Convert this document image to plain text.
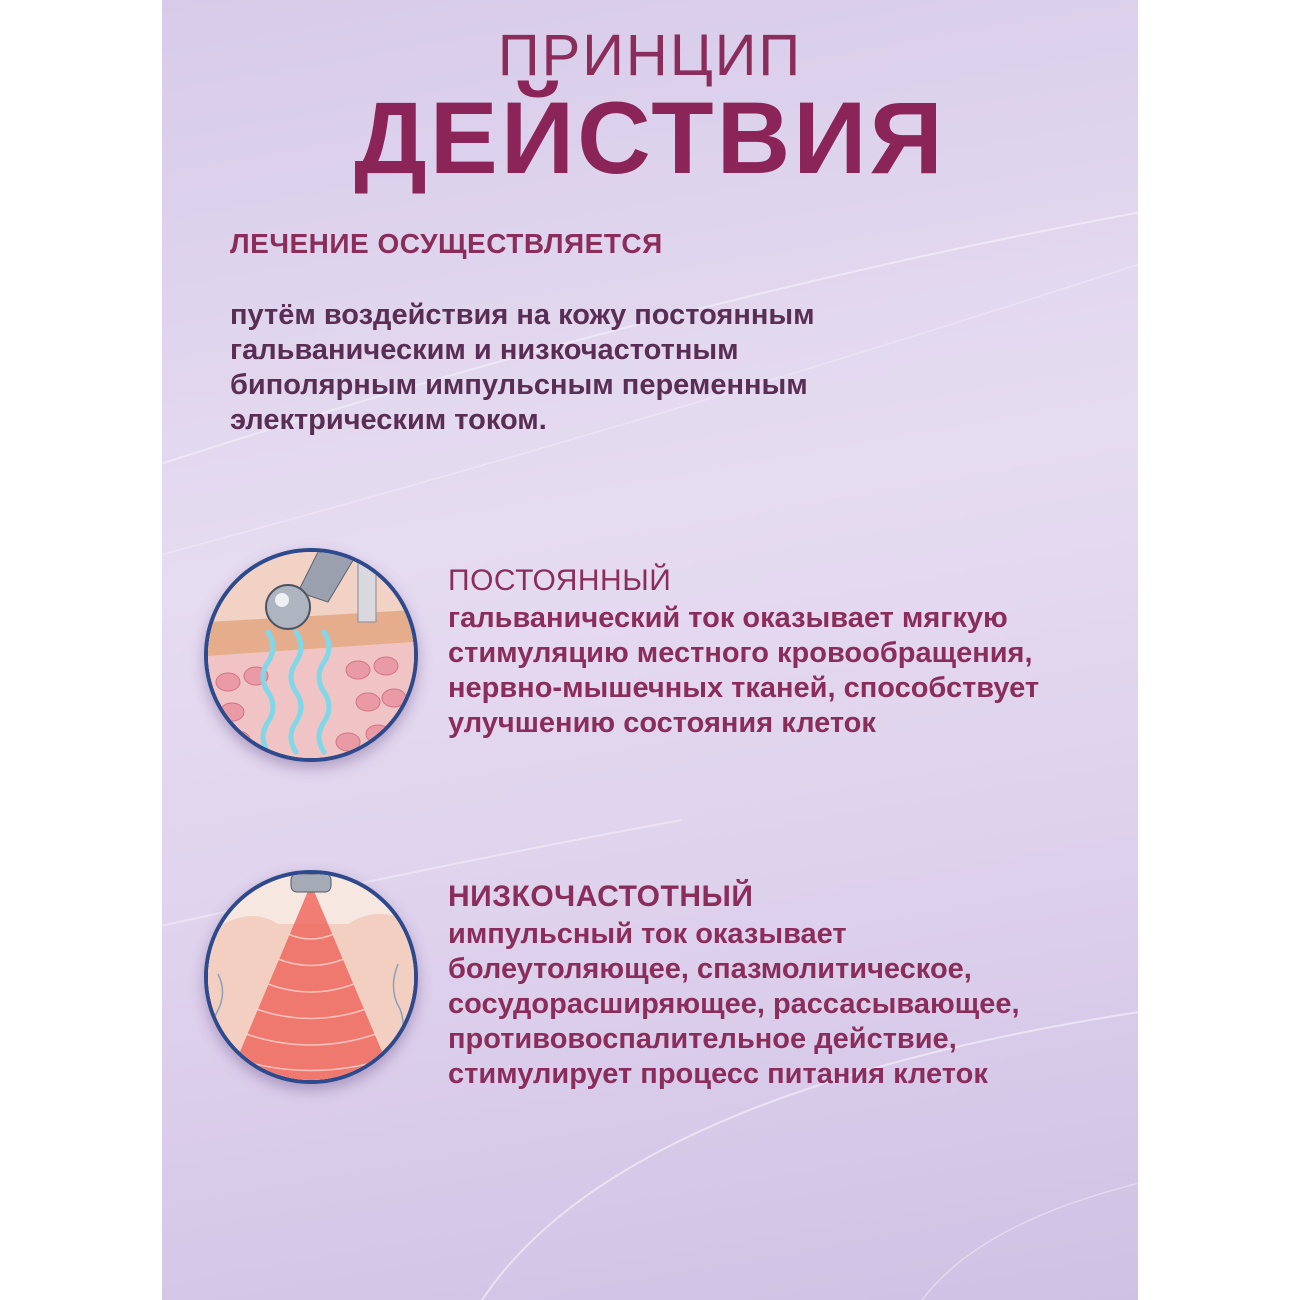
ПРИНЦИП
ДЕЙСТВИЯ
ЛЕЧЕНИЕ ОСУЩЕСТВЛЯЕТСЯ
путём воздействия на кожу постоянным
гальваническим и низкочастотным
биполярным импульсным переменным
электрическим током.
ПОСТОЯННЫЙ
гальванический ток оказывает мягкую
стимуляцию местного кровообращения,
нервно-мышечных тканей, способствует
улучшению состояния клеток
НИЗКОЧАСТОТНЫЙ
импульсный ток оказывает
болеутоляющее, спазмолитическое,
сосудорасширяющее, рассасывающее,
противовоспалительное действие,
стимулирует процесс питания клеток
